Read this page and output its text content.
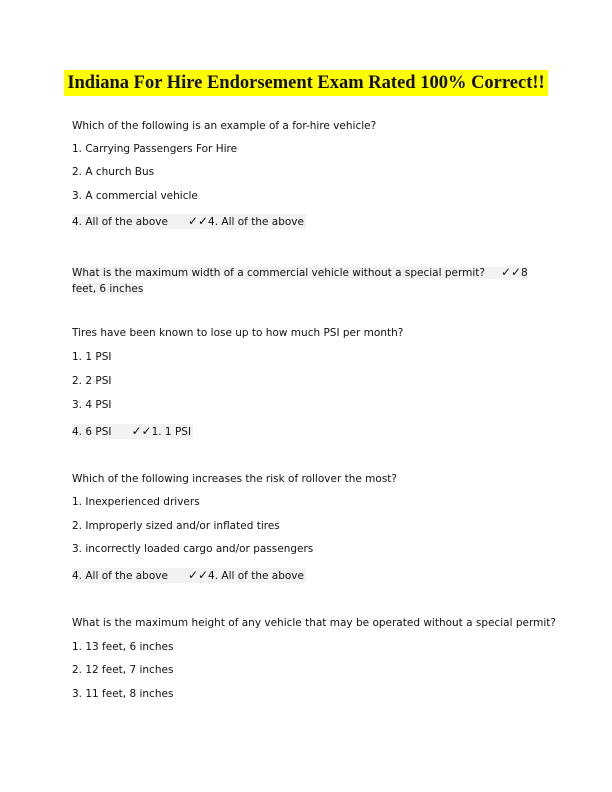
Indiana For Hire Endorsement Exam Rated 100% Correct!!
Which of the following is an example of a for-hire vehicle?
1. Carrying Passengers For Hire
2. A church Bus
3. A commercial vehicle
4. All of the above ✓✓4. All of the above
What is the maximum width of a commercial vehicle without a special permit? ✓✓8 feet, 6 inches
Tires have been known to lose up to how much PSI per month?
1. 1 PSI
2. 2 PSI
3. 4 PSI
4. 6 PSI ✓✓1. 1 PSI
Which of the following increases the risk of rollover the most?
1. Inexperienced drivers
2. Improperly sized and/or inflated tires
3. incorrectly loaded cargo and/or passengers
4. All of the above ✓✓4. All of the above
What is the maximum height of any vehicle that may be operated without a special permit?
1. 13 feet, 6 inches
2. 12 feet, 7 inches
3. 11 feet, 8 inches
